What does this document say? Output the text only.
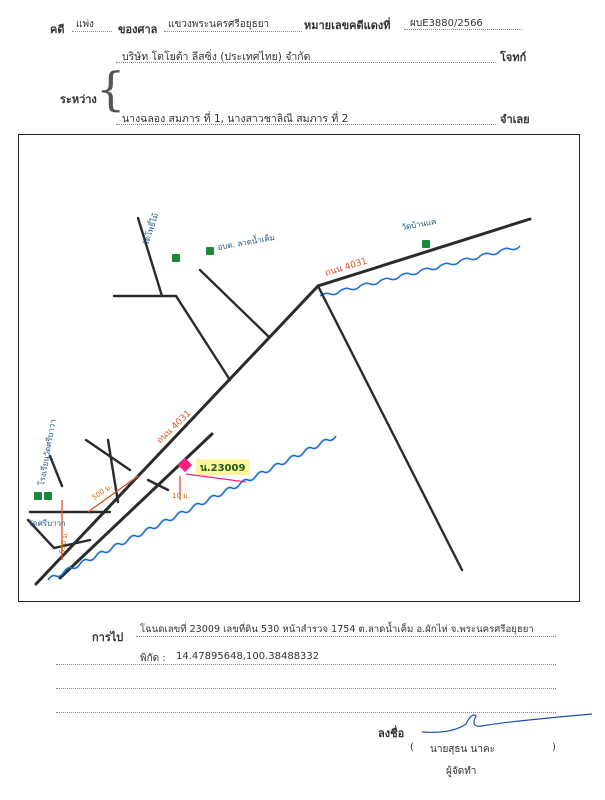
คดี แพ่ง ของศาล แขวงพระนครศรีอยุธยา	หมายเลขคดีแดงที่ ผบE3880/2566
บริษัท โตโยต้า ลีสซิ่ง (ประเทศไทย) จำกัด	โจทก์
ระหว่าง {
นางฉลอง สมภาร ที่ 1, นางสาวชาลิณี สมภาร ที่ 2	จำเลย
ถนน 4031
ถนน 4031
วัดโพธิ์ไม้	อบต. ลาดน้ำเค็ม
วัดบ้านแค
โรงเรียนวัดศรีบาวา
วัดศรีบาวา
500 ม.
550 ม.
10 ม.
น.23009
การไป
โฉนดเลขที่ 23009 เลขที่ดิน 530 หน้าสำรวจ 1754 ต.ลาดน้ำเค็ม อ.ผักไห่ จ.พระนครศรีอยุธยา
พิกัด : 14.47895648,100.38488332
ลงชื่อ
( นายสุธน นาคะ	)
ผู้จัดทำ
